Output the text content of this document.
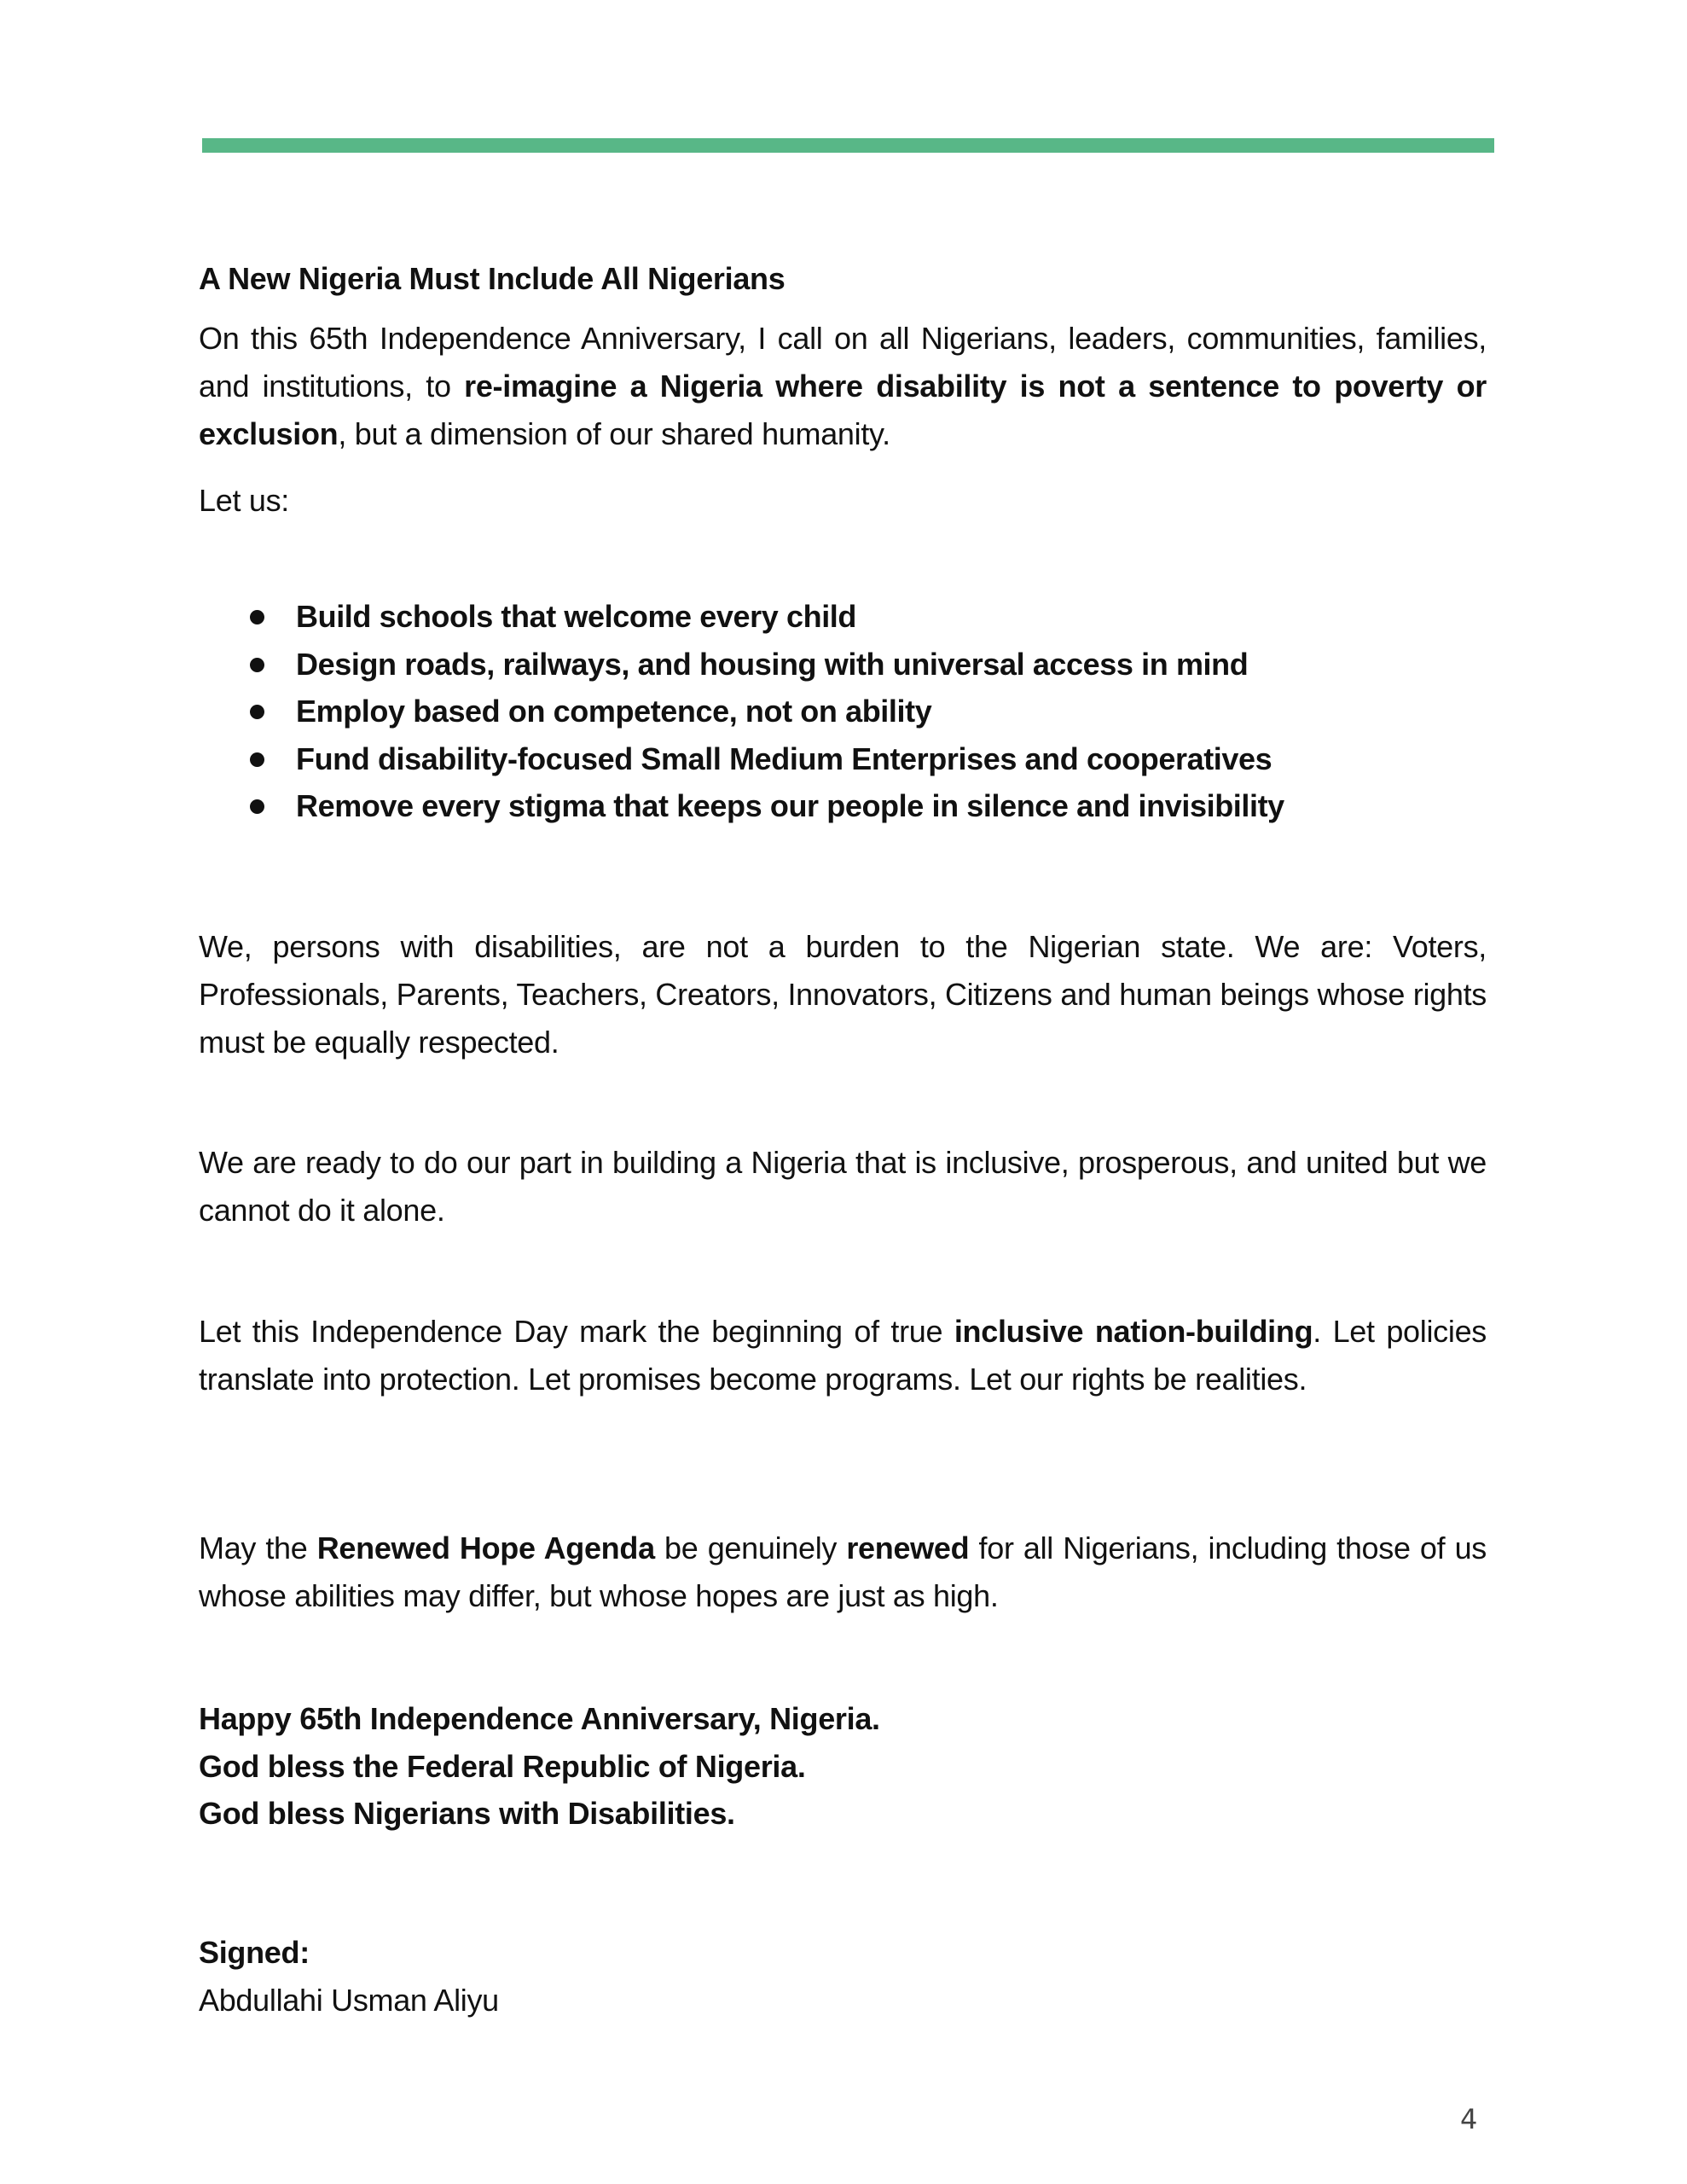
A New Nigeria Must Include All Nigerians
On this 65th Independence Anniversary, I call on all Nigerians, leaders, communities, families, and institutions, to re-imagine a Nigeria where disability is not a sentence to poverty or exclusion, but a dimension of our shared humanity.
Let us:
Build schools that welcome every child
Design roads, railways, and housing with universal access in mind
Employ based on competence, not on ability
Fund disability-focused Small Medium Enterprises and cooperatives
Remove every stigma that keeps our people in silence and invisibility
We, persons with disabilities, are not a burden to the Nigerian state. We are: Voters, Professionals, Parents, Teachers, Creators, Innovators, Citizens and human beings whose rights must be equally respected.
We are ready to do our part in building a Nigeria that is inclusive, prosperous, and united but we cannot do it alone.
Let this Independence Day mark the beginning of true inclusive nation-building. Let policies translate into protection. Let promises become programs. Let our rights be realities.
May the Renewed Hope Agenda be genuinely renewed for all Nigerians, including those of us whose abilities may differ, but whose hopes are just as high.
Happy 65th Independence Anniversary, Nigeria.
God bless the Federal Republic of Nigeria.
God bless Nigerians with Disabilities.
Signed:
Abdullahi Usman Aliyu
4
